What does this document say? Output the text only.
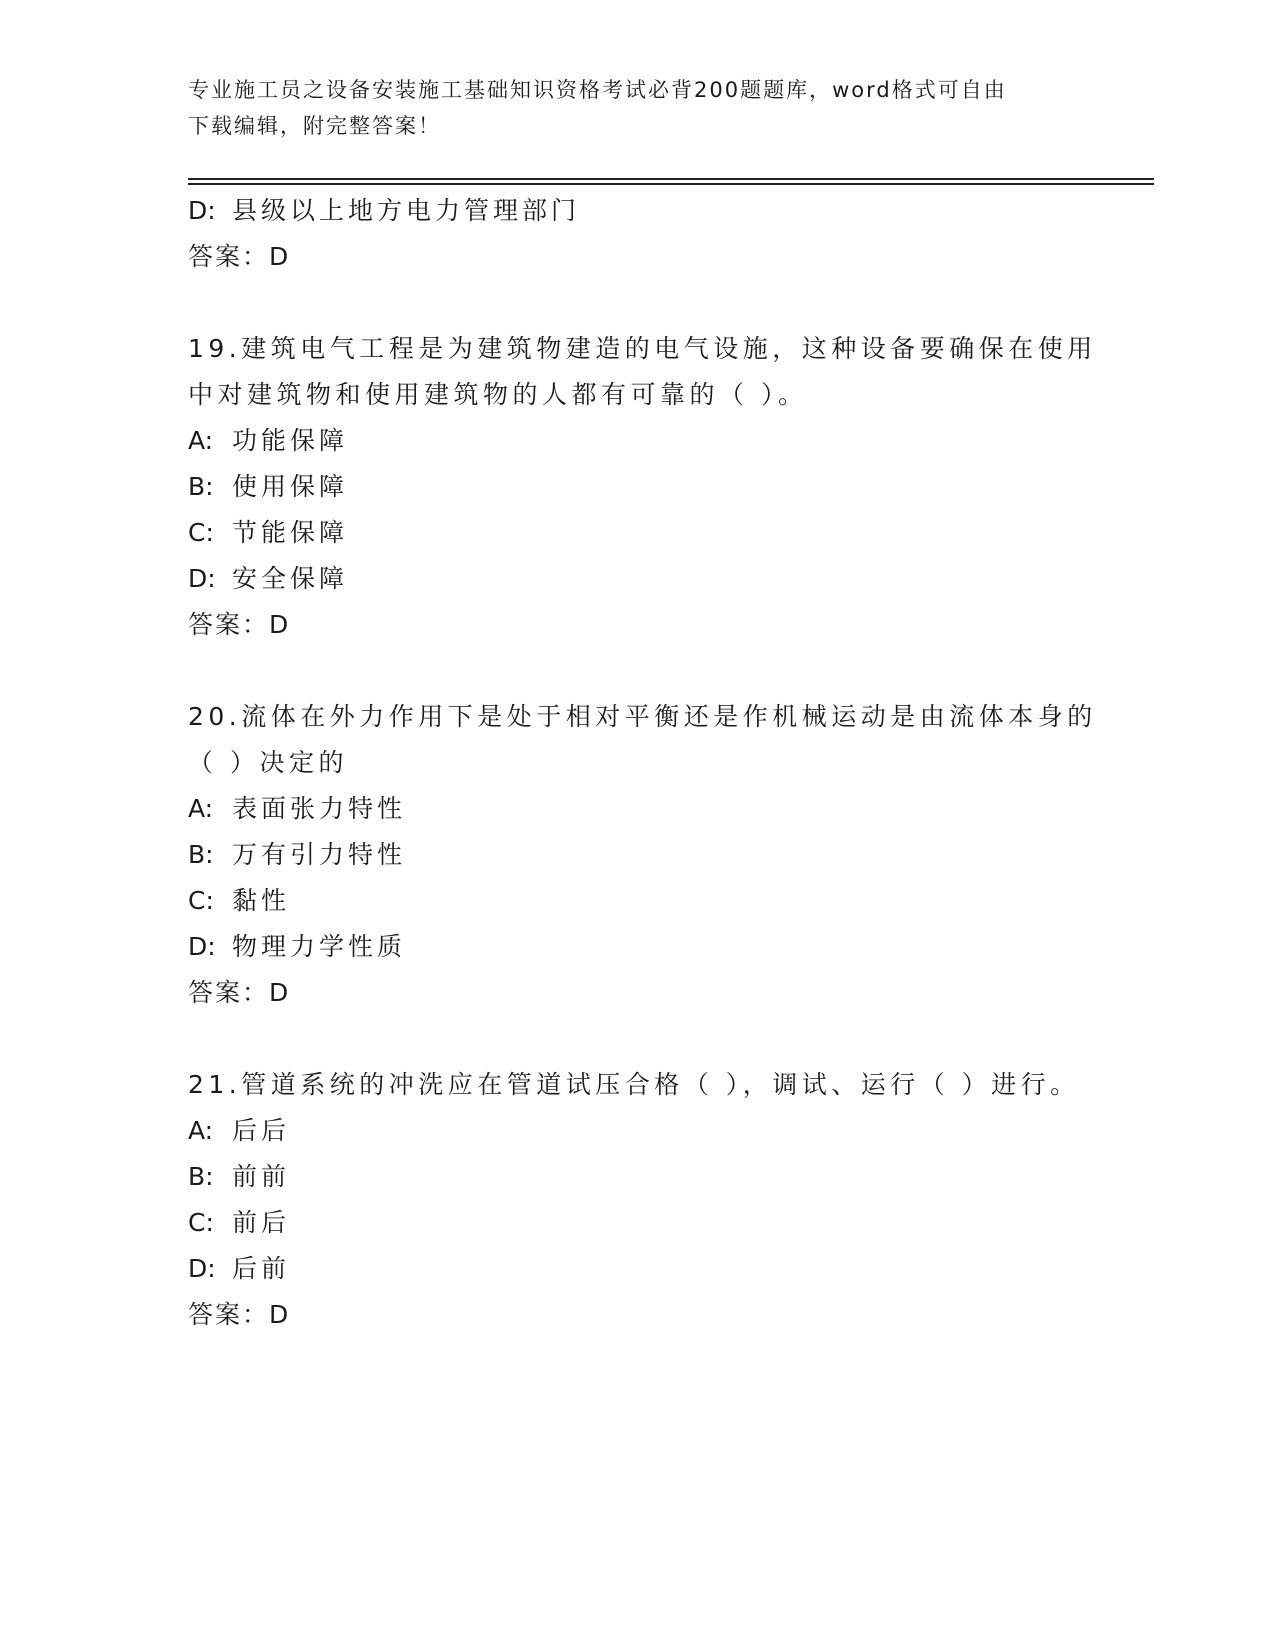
专业施工员之设备安装施工基础知识资格考试必背200题题库，word格式可自由
下载编辑，附完整答案！
D: 县级以上地方电力管理部门
答案：D
19.建筑电气工程是为建筑物建造的电气设施，这种设备要确保在使用
中对建筑物和使用建筑物的人都有可靠的（ ）。
A: 功能保障
B: 使用保障
C: 节能保障
D: 安全保障
答案：D
20.流体在外力作用下是处于相对平衡还是作机械运动是由流体本身的
（ ）决定的
A: 表面张力特性
B: 万有引力特性
C: 黏性
D: 物理力学性质
答案：D
21.管道系统的冲洗应在管道试压合格（ ），调试、运行（ ）进行。
A: 后后
B: 前前
C: 前后
D: 后前
答案：D
